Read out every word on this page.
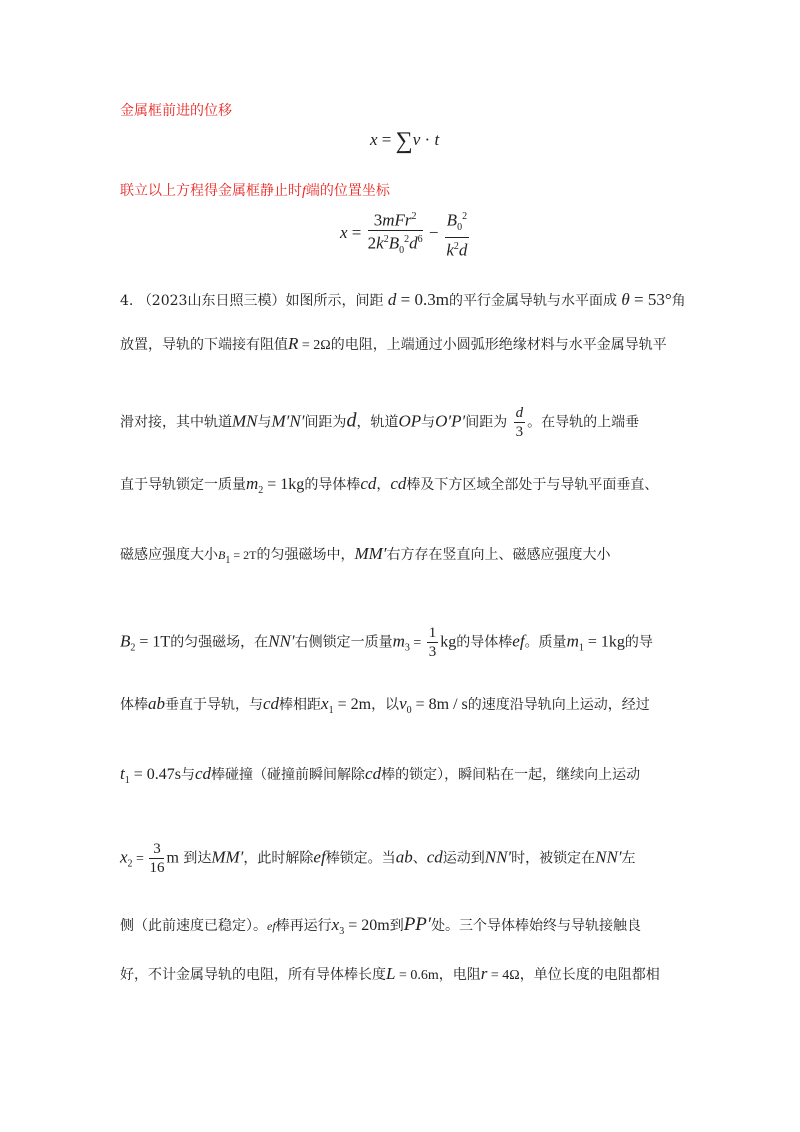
金属框前进的位移
x = ∑v · t
联立以上方程得金属框静止时f端的位置坐标
$x = \frac{3mFr^2}{2k^2B_0^2d^6} - \frac{B_0^2}{k^2d}$
4. （2023山东日照三模）如图所示，间距 d = 0.3m的平行金属导轨与水平面成 θ = 53°角
放置，导轨的下端接有阻值R = 2Ω的电阻，上端通过小圆弧形绝缘材料与水平金属导轨平
滑对接，其中轨道MN与M′N′间距为d，轨道OP与O′P′间距为 $\frac{d}{3}$ 。在导轨的上端垂
直于导轨锁定一质量$m_2 = 1kg$的导体棒cd，cd棒及下方区域全部处于与导轨平面垂直、
磁感应强度大小$B_1 = 2T$的匀强磁场中，MM′右方存在竖直向上、磁感应强度大小
$B_2 = 1T$的匀强磁场，在NN′右侧锁定一质量$m_3 = \frac{1}{3}$ kg的导体棒ef。质量$m_1 = 1kg$的导
体棒ab垂直于导轨，与cd棒相距$x_1 = 2m$，以$v_0 = 8m / s$的速度沿导轨向上运动，经过
$t_1 = 0.47s$与cd棒碰撞（碰撞前瞬间解除cd棒的锁定），瞬间粘在一起，继续向上运动
$x_2 = \frac{3}{16}$ m 到达MM′，此时解除ef棒锁定。当ab、cd运动到NN′时，被锁定在NN′左
侧（此前速度已稳定）。ef棒再运行$x_3 = 20m$到PP′处。三个导体棒始终与导轨接触良
好，不计金属导轨的电阻，所有导体棒长度L = 0.6m，电阻r = 4Ω，单位长度的电阻都相
